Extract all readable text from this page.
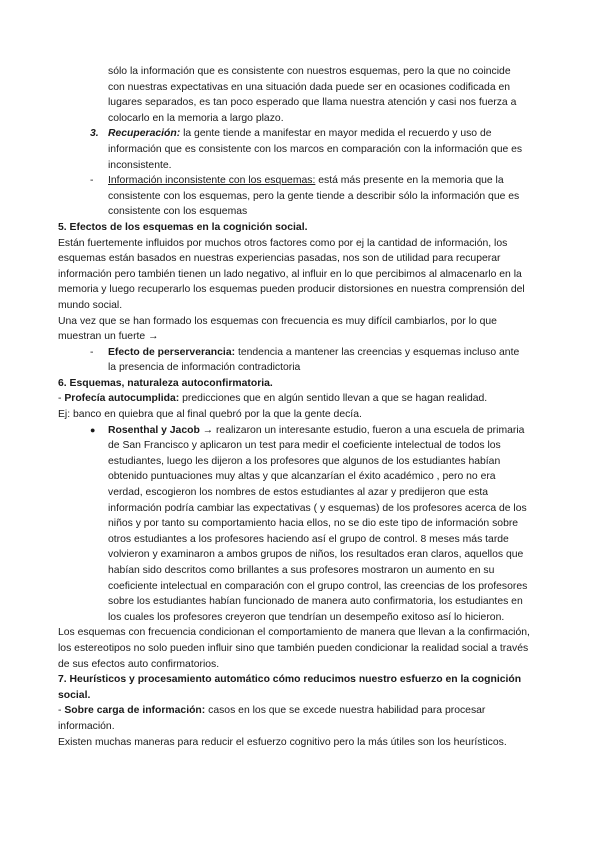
sólo la información que es consistente con nuestros esquemas, pero la que no coincide con nuestras expectativas en una situación dada puede ser en ocasiones codificada en lugares separados, es tan poco esperado que llama nuestra atención y casi nos fuerza a colocarlo en la memoria a largo plazo.

3. Recuperación: la gente tiende a manifestar en mayor medida el recuerdo y uso de información que es consistente con los marcos en comparación con la información que es inconsistente.
- Información inconsistente con los esquemas: está más presente en la memoria que la consistente con los esquemas, pero la gente tiende a describir sólo la información que es consistente con los esquemas

5. Efectos de los esquemas en la cognición social.

Están fuertemente influidos por muchos otros factores como por ej la cantidad de información, los esquemas están basados en nuestras experiencias pasadas, nos son de utilidad para recuperar información pero también tienen un lado negativo, al influir en lo que percibimos al almacenarlo en la memoria y luego recuperarlo los esquemas pueden producir distorsiones en nuestra comprensión del mundo social.

Una vez que se han formado los esquemas con frecuencia es muy difícil cambiarlos, por lo que muestran un fuerte →

- Efecto de perserverancia: tendencia a mantener las creencias y esquemas incluso ante la presencia de información contradictoria

6. Esquemas, naturaleza autoconfirmatoria.

- Profecía autocumplida: predicciones que en algún sentido llevan a que se hagan realidad.

Ej: banco en quiebra que al final quebró por la que la gente decía.

● Rosenthal y Jacob → realizaron un interesante estudio, fueron a una escuela de primaria de San Francisco y aplicaron un test para medir el coeficiente intelectual de todos los estudiantes, luego les dijeron a los profesores que algunos de los estudiantes habían obtenido puntuaciones muy altas y que alcanzarían el éxito académico , pero no era verdad, escogieron los nombres de estos estudiantes al azar y predijeron que esta información podría cambiar las expectativas ( y esquemas) de los profesores acerca de los niños y por tanto su comportamiento hacia ellos, no se dio este tipo de información sobre otros estudiantes a los profesores haciendo así el grupo de control. 8 meses más tarde volvieron y examinaron a ambos grupos de niños, los resultados eran claros, aquellos que habían sido descritos como brillantes a sus profesores mostraron un aumento en su coeficiente intelectual en comparación con el grupo control, las creencias de los profesores sobre los estudiantes habían funcionado de manera auto confirmatoria, los estudiantes en los cuales los profesores creyeron que tendrían un desempeño exitoso así lo hicieron.

Los esquemas con frecuencia condicionan el comportamiento de manera que llevan a la confirmación, los estereotipos no solo pueden influir sino que también pueden condicionar la realidad social a través de sus efectos auto confirmatorios.

7. Heurísticos y procesamiento automático cómo reducimos nuestro esfuerzo en la cognición social.

- Sobre carga de información: casos en los que se excede nuestra habilidad para procesar información.

Existen muchas maneras para reducir el esfuerzo cognitivo pero la más útiles son los heurísticos.
